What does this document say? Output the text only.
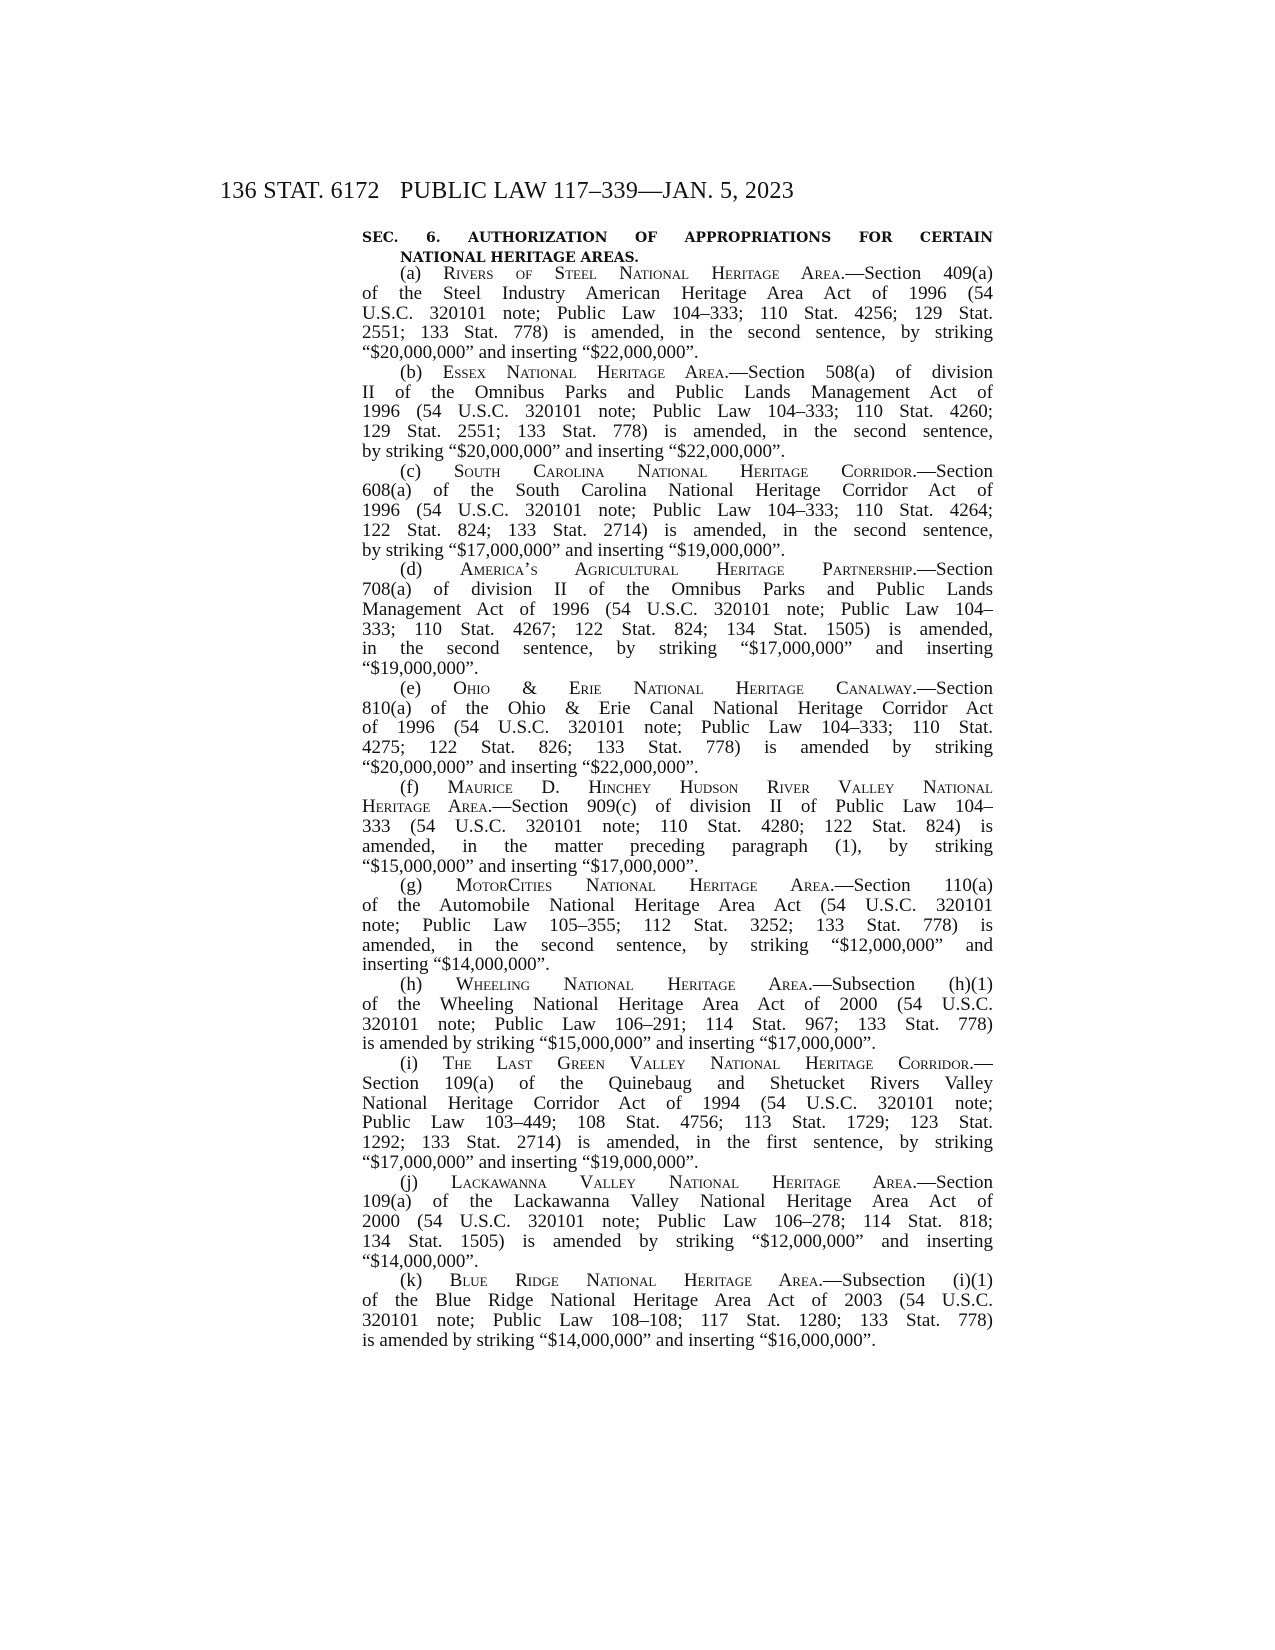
136 STAT. 6172 PUBLIC LAW 117–339—JAN. 5, 2023
SEC. 6. AUTHORIZATION OF APPROPRIATIONS FOR CERTAIN
NATIONAL HERITAGE AREAS.
(a) Rivers of Steel National Heritage Area.—Section 409(a)
of the Steel Industry American Heritage Area Act of 1996 (54
U.S.C. 320101 note; Public Law 104–333; 110 Stat. 4256; 129 Stat.
2551; 133 Stat. 778) is amended, in the second sentence, by striking
“$20,000,000” and inserting “$22,000,000”.
(b) Essex National Heritage Area.—Section 508(a) of division
II of the Omnibus Parks and Public Lands Management Act of
1996 (54 U.S.C. 320101 note; Public Law 104–333; 110 Stat. 4260;
129 Stat. 2551; 133 Stat. 778) is amended, in the second sentence,
by striking “$20,000,000” and inserting “$22,000,000”.
(c) South Carolina National Heritage Corridor.—Section
608(a) of the South Carolina National Heritage Corridor Act of
1996 (54 U.S.C. 320101 note; Public Law 104–333; 110 Stat. 4264;
122 Stat. 824; 133 Stat. 2714) is amended, in the second sentence,
by striking “$17,000,000” and inserting “$19,000,000”.
(d) America’s Agricultural Heritage Partnership.—Section
708(a) of division II of the Omnibus Parks and Public Lands
Management Act of 1996 (54 U.S.C. 320101 note; Public Law 104–
333; 110 Stat. 4267; 122 Stat. 824; 134 Stat. 1505) is amended,
in the second sentence, by striking “$17,000,000” and inserting
“$19,000,000”.
(e) Ohio & Erie National Heritage Canalway.—Section
810(a) of the Ohio & Erie Canal National Heritage Corridor Act
of 1996 (54 U.S.C. 320101 note; Public Law 104–333; 110 Stat.
4275; 122 Stat. 826; 133 Stat. 778) is amended by striking
“$20,000,000” and inserting “$22,000,000”.
(f) Maurice D. Hinchey Hudson River Valley National
Heritage Area.—Section 909(c) of division II of Public Law 104–
333 (54 U.S.C. 320101 note; 110 Stat. 4280; 122 Stat. 824) is
amended, in the matter preceding paragraph (1), by striking
“$15,000,000” and inserting “$17,000,000”.
(g) MotorCities National Heritage Area.—Section 110(a)
of the Automobile National Heritage Area Act (54 U.S.C. 320101
note; Public Law 105–355; 112 Stat. 3252; 133 Stat. 778) is
amended, in the second sentence, by striking “$12,000,000” and
inserting “$14,000,000”.
(h) Wheeling National Heritage Area.—Subsection (h)(1)
of the Wheeling National Heritage Area Act of 2000 (54 U.S.C.
320101 note; Public Law 106–291; 114 Stat. 967; 133 Stat. 778)
is amended by striking “$15,000,000” and inserting “$17,000,000”.
(i) The Last Green Valley National Heritage Corridor.—
Section 109(a) of the Quinebaug and Shetucket Rivers Valley
National Heritage Corridor Act of 1994 (54 U.S.C. 320101 note;
Public Law 103–449; 108 Stat. 4756; 113 Stat. 1729; 123 Stat.
1292; 133 Stat. 2714) is amended, in the first sentence, by striking
“$17,000,000” and inserting “$19,000,000”.
(j) Lackawanna Valley National Heritage Area.—Section
109(a) of the Lackawanna Valley National Heritage Area Act of
2000 (54 U.S.C. 320101 note; Public Law 106–278; 114 Stat. 818;
134 Stat. 1505) is amended by striking “$12,000,000” and inserting
“$14,000,000”.
(k) Blue Ridge National Heritage Area.—Subsection (i)(1)
of the Blue Ridge National Heritage Area Act of 2003 (54 U.S.C.
320101 note; Public Law 108–108; 117 Stat. 1280; 133 Stat. 778)
is amended by striking “$14,000,000” and inserting “$16,000,000”.
